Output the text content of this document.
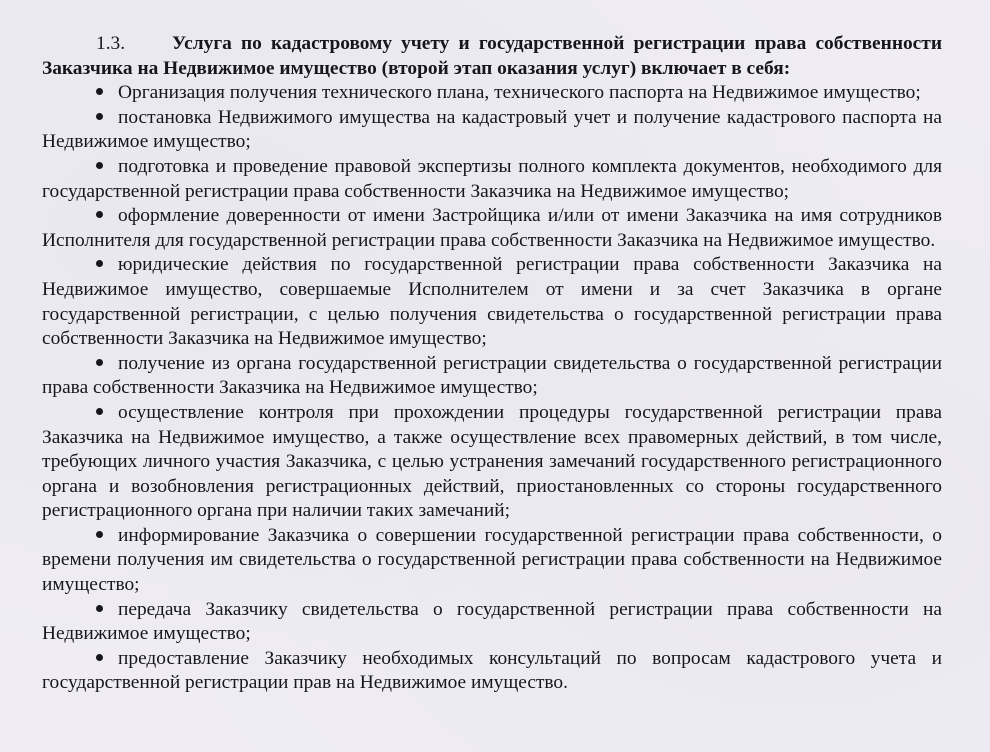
1.3. Услуга по кадастровому учету и государственной регистрации права собственности Заказчика на Недвижимое имущество (второй этап оказания услуг) включает в себя:

Организация получения технического плана, технического паспорта на Недвижимое имущество;
постановка Недвижимого имущества на кадастровый учет и получение кадастрового паспорта на Недвижимое имущество;
подготовка и проведение правовой экспертизы полного комплекта документов, необходимого для государственной регистрации права собственности Заказчика на Недвижимое имущество;
оформление доверенности от имени Застройщика и/или от имени Заказчика на имя сотрудников Исполнителя для государственной регистрации права собственности Заказчика на Недвижимое имущество.
юридические действия по государственной регистрации права собственности Заказчика на Недвижимое имущество, совершаемые Исполнителем от имени и за счет Заказчика в органе государственной регистрации, с целью получения свидетельства о государственной регистрации права собственности Заказчика на Недвижимое имущество;
получение из органа государственной регистрации свидетельства о государственной регистрации права собственности Заказчика на Недвижимое имущество;
осуществление контроля при прохождении процедуры государственной регистрации права Заказчика на Недвижимое имущество, а также осуществление всех правомерных действий, в том числе, требующих личного участия Заказчика, с целью устранения замечаний государственного регистрационного органа и возобновления регистрационных действий, приостановленных со стороны государственного регистрационного органа при наличии таких замечаний;
информирование Заказчика о совершении государственной регистрации права собственности, о времени получения им свидетельства о государственной регистрации права собственности на Недвижимое имущество;
передача Заказчику свидетельства о государственной регистрации права собственности на Недвижимое имущество;
предоставление Заказчику необходимых консультаций по вопросам кадастрового учета и государственной регистрации прав на Недвижимое имущество.
